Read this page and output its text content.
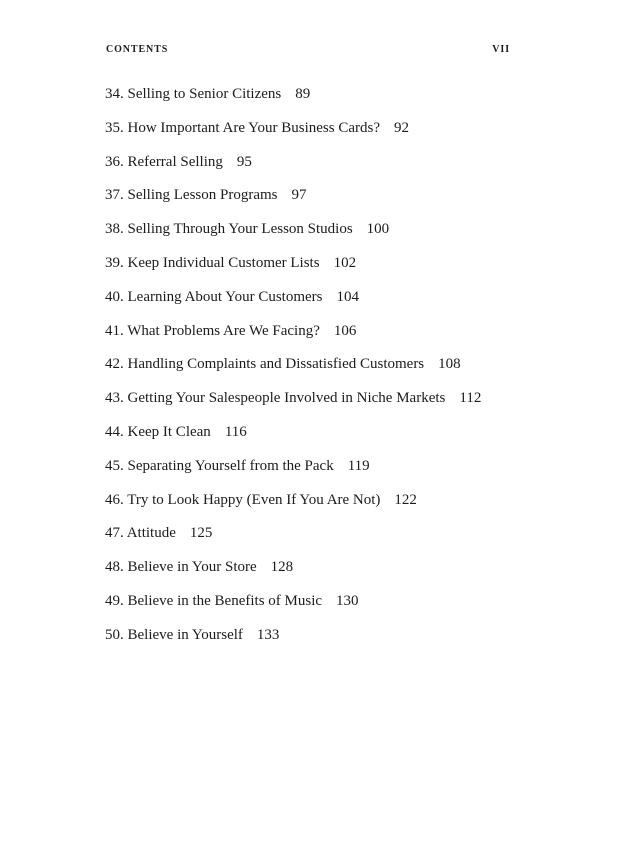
CONTENTS	VII
34. Selling to Senior Citizens 89
35. How Important Are Your Business Cards? 92
36. Referral Selling 95
37. Selling Lesson Programs 97
38. Selling Through Your Lesson Studios 100
39. Keep Individual Customer Lists 102
40. Learning About Your Customers 104
41. What Problems Are We Facing? 106
42. Handling Complaints and Dissatisfied Customers 108
43. Getting Your Salespeople Involved in Niche Markets 112
44. Keep It Clean 116
45. Separating Yourself from the Pack 119
46. Try to Look Happy (Even If You Are Not) 122
47. Attitude 125
48. Believe in Your Store 128
49. Believe in the Benefits of Music 130
50. Believe in Yourself 133
